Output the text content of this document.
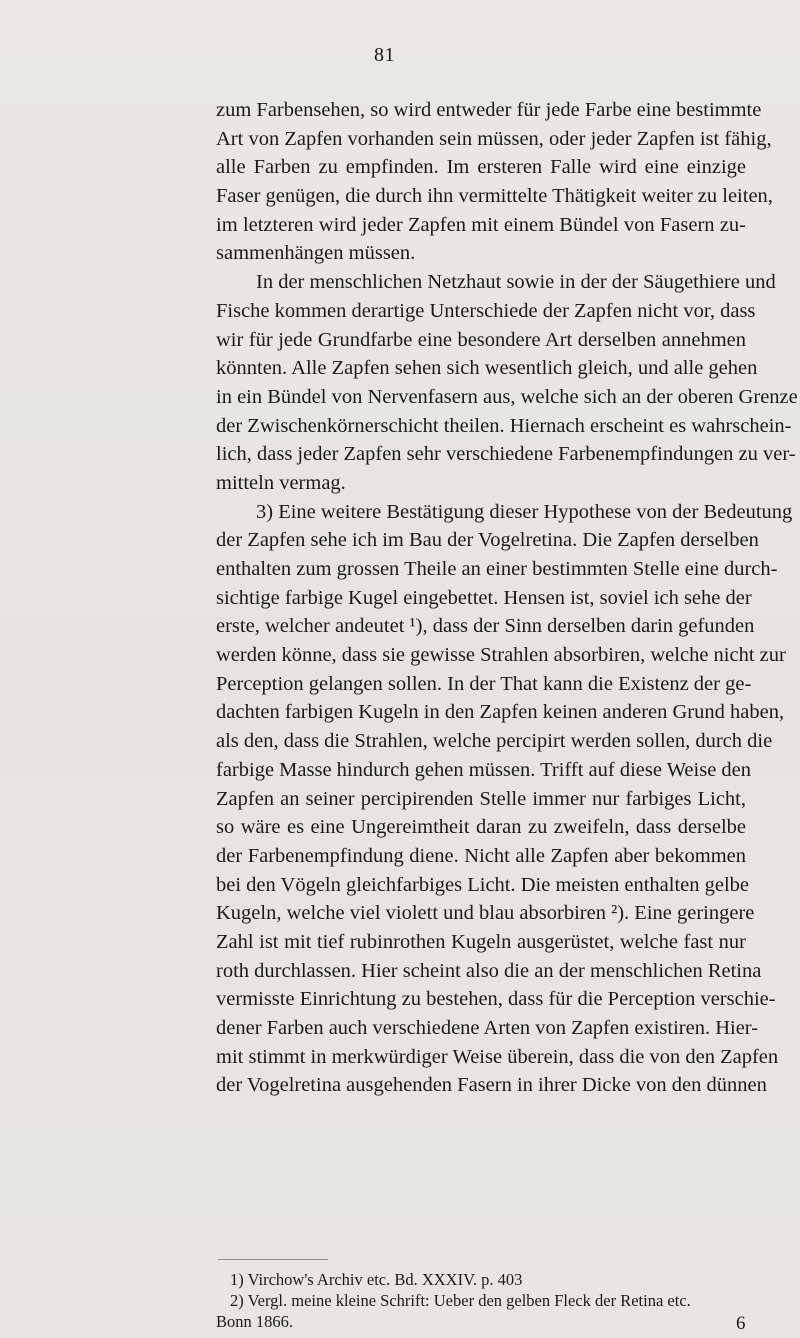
81
zum Farbensehen, so wird entweder für jede Farbe eine bestimmte
Art von Zapfen vorhanden sein müssen, oder jeder Zapfen ist fähig,
alle Farben zu empfinden. Im ersteren Falle wird eine einzige
Faser genügen, die durch ihn vermittelte Thätigkeit weiter zu leiten,
im letzteren wird jeder Zapfen mit einem Bündel von Fasern zu-
sammenhängen müssen.
In der menschlichen Netzhaut sowie in der der Säugethiere und
Fische kommen derartige Unterschiede der Zapfen nicht vor, dass
wir für jede Grundfarbe eine besondere Art derselben annehmen
könnten. Alle Zapfen sehen sich wesentlich gleich, und alle gehen
in ein Bündel von Nervenfasern aus, welche sich an der oberen Grenze
der Zwischenkörnerschicht theilen. Hiernach erscheint es wahrschein-
lich, dass jeder Zapfen sehr verschiedene Farbenempfindungen zu ver-
mitteln vermag.
3) Eine weitere Bestätigung dieser Hypothese von der Bedeutung
der Zapfen sehe ich im Bau der Vogelretina. Die Zapfen derselben
enthalten zum grossen Theile an einer bestimmten Stelle eine durch-
sichtige farbige Kugel eingebettet. Hensen ist, soviel ich sehe der
erste, welcher andeutet ¹), dass der Sinn derselben darin gefunden
werden könne, dass sie gewisse Strahlen absorbiren, welche nicht zur
Perception gelangen sollen. In der That kann die Existenz der ge-
dachten farbigen Kugeln in den Zapfen keinen anderen Grund haben,
als den, dass die Strahlen, welche percipirt werden sollen, durch die
farbige Masse hindurch gehen müssen. Trifft auf diese Weise den
Zapfen an seiner percipirenden Stelle immer nur farbiges Licht,
so wäre es eine Ungereimtheit daran zu zweifeln, dass derselbe
der Farbenempfindung diene. Nicht alle Zapfen aber bekommen
bei den Vögeln gleichfarbiges Licht. Die meisten enthalten gelbe
Kugeln, welche viel violett und blau absorbiren ²). Eine geringere
Zahl ist mit tief rubinrothen Kugeln ausgerüstet, welche fast nur
roth durchlassen. Hier scheint also die an der menschlichen Retina
vermisste Einrichtung zu bestehen, dass für die Perception verschie-
dener Farben auch verschiedene Arten von Zapfen existiren. Hier-
mit stimmt in merkwürdiger Weise überein, dass die von den Zapfen
der Vogelretina ausgehenden Fasern in ihrer Dicke von den dünnen
1) Virchow's Archiv etc. Bd. XXXIV. p. 403
2) Vergl. meine kleine Schrift: Ueber den gelben Fleck der Retina etc.
Bonn 1866.	6
